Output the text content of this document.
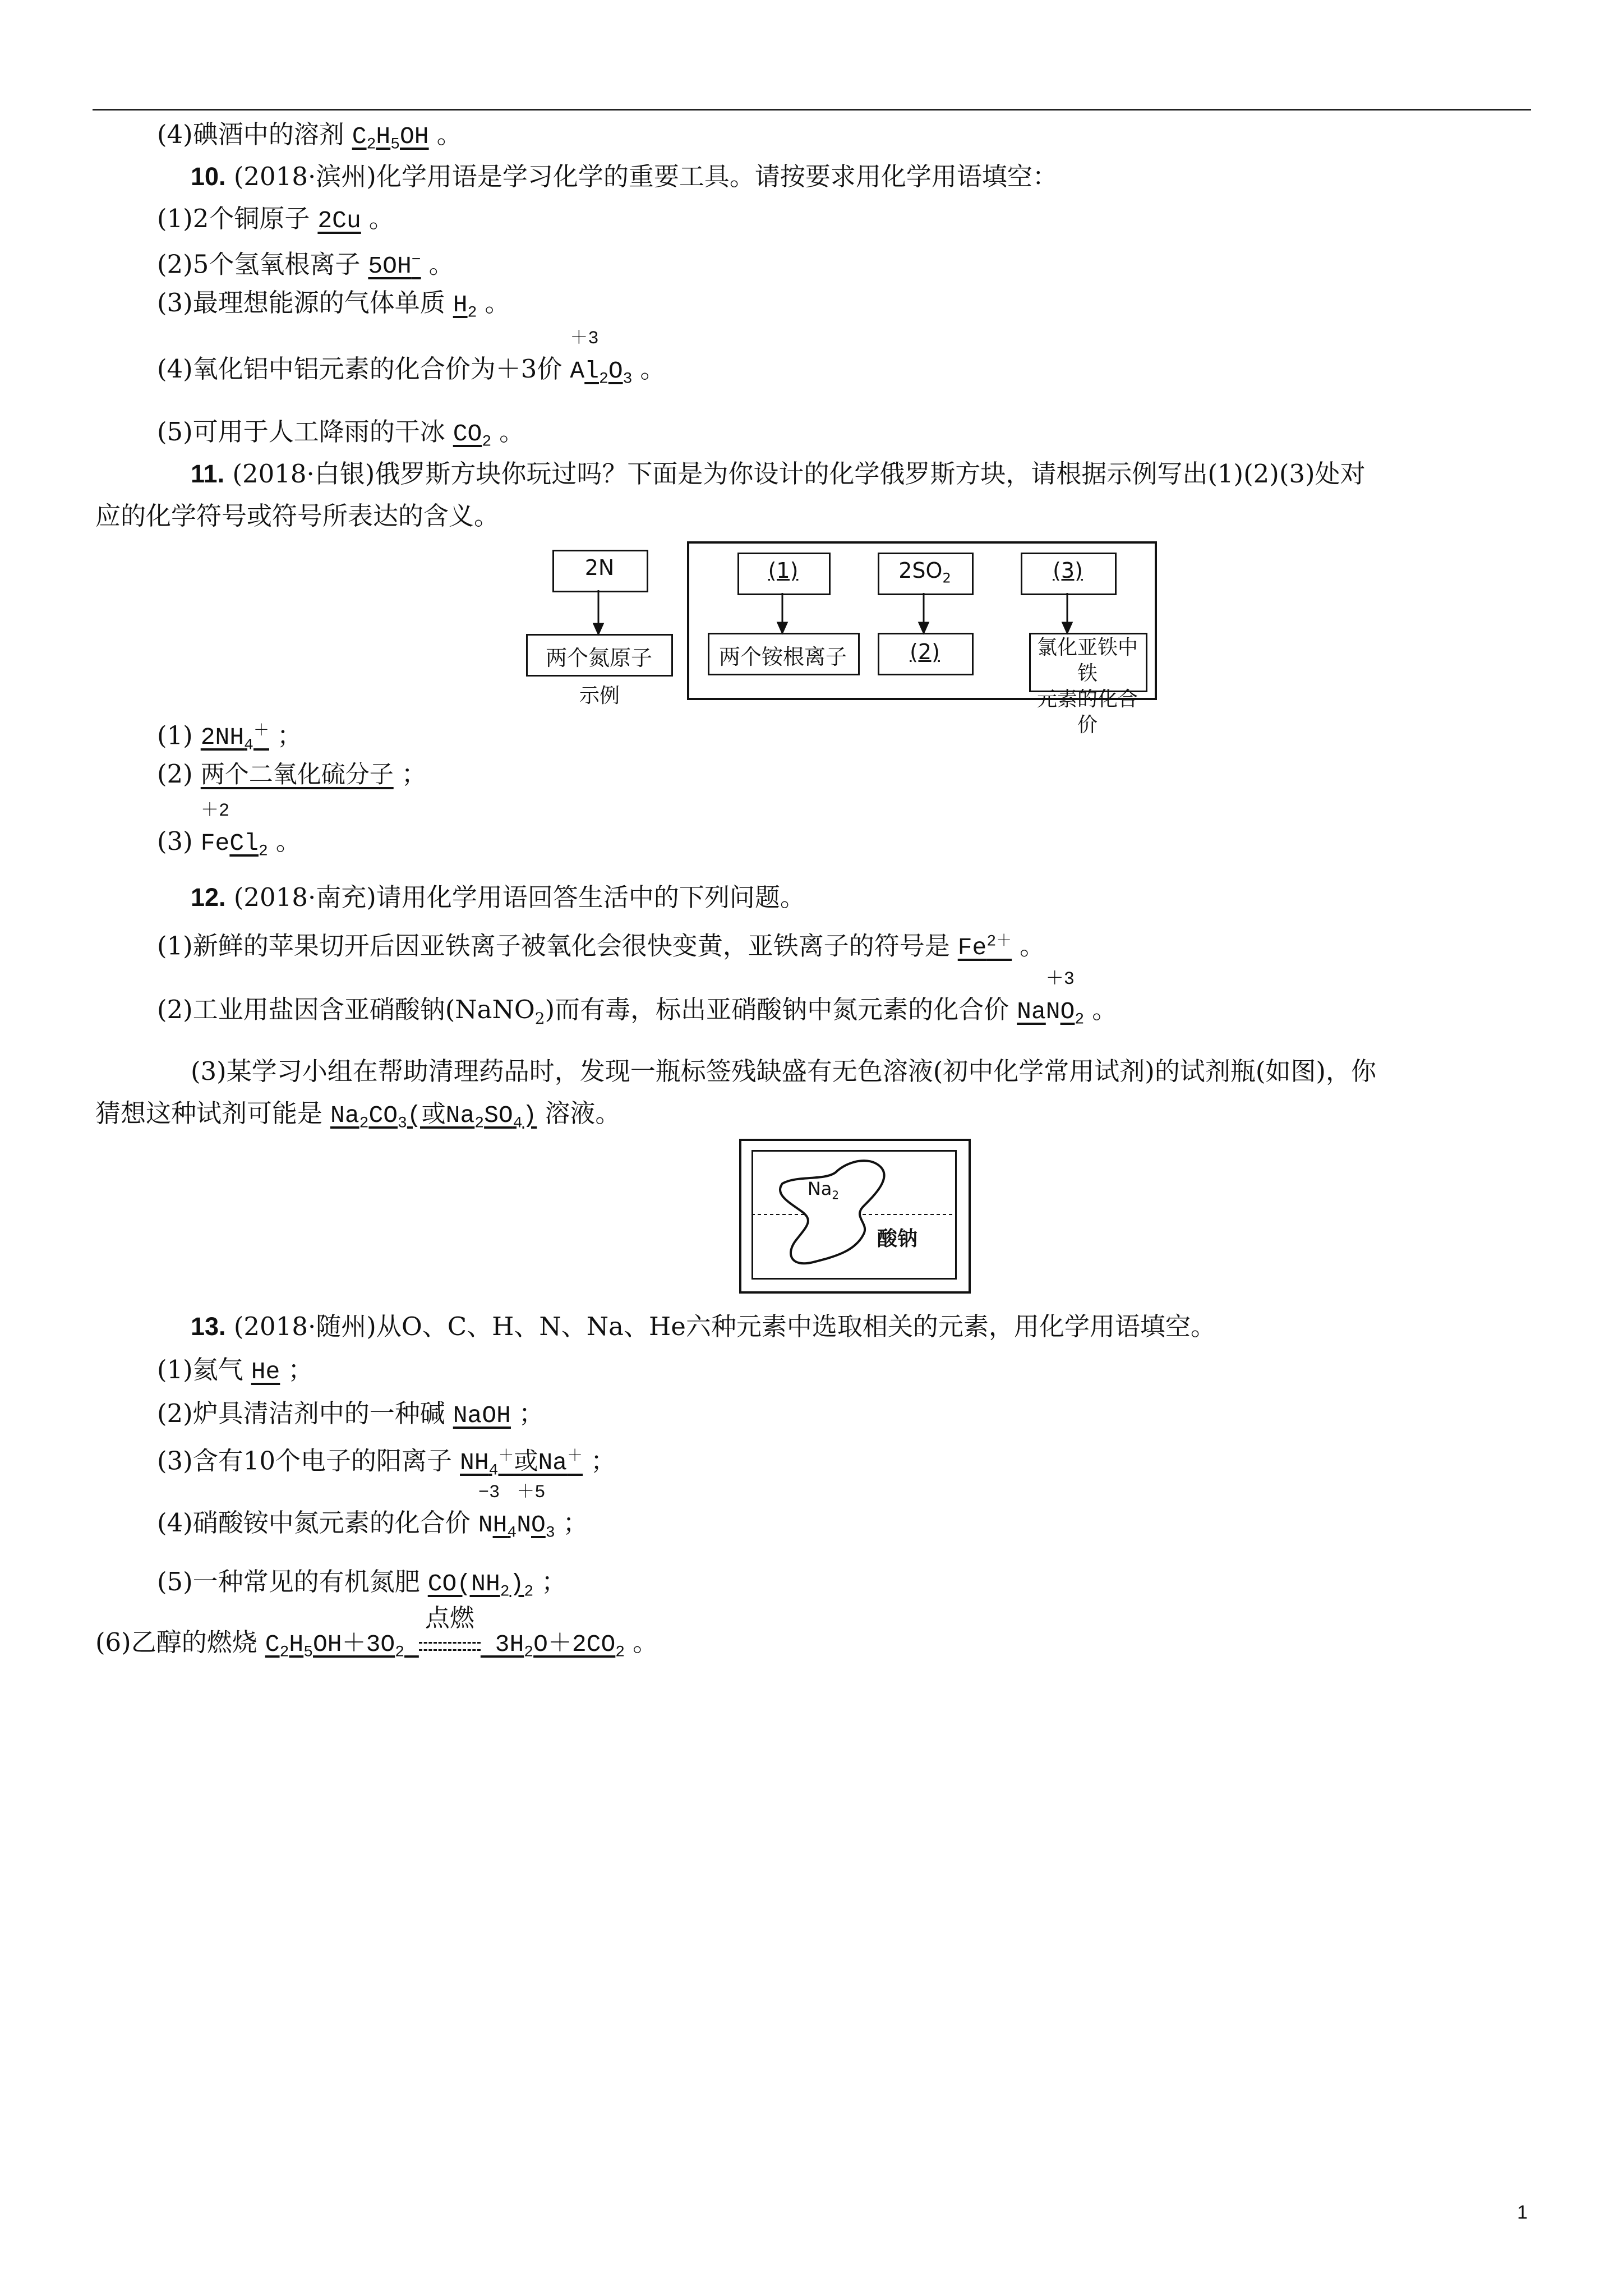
(4)碘酒中的溶剂 $C_2H_5OH$ 。
10. (2018·滨州)化学用语是学习化学的重要工具。请按要求用化学用语填空：
(1)2个铜原子 2Cu 。
(2)5个氢氧根离子 5OH− 。
(3)最理想能源的气体单质 $H_2$ 。
(4)氧化铝中铝元素的化合价为＋3价 A
＋3
$l_2O_3$ 。
(5)可用于人工降雨的干冰 $CO_2$ 。
11. (2018·白银)俄罗斯方块你玩过吗？下面是为你设计的化学俄罗斯方块，请根据示例写出(1)(2)(3)处对
应的化学符号或符号所表达的含义。
2N
两个氮原子
示例
(1)
两个铵根离子
$2SO_2$
(2)
(3)
氯化亚铁中铁
元素的化合价
(1) $2NH_4^+$ ；
(2) 两个二氧化硫分子 ；
(3) Fe
＋2
$Cl_2$ 。
12. (2018·南充)请用化学用语回答生活中的下列问题。
(1)新鲜的苹果切开后因亚铁离子被氧化会很快变黄，亚铁离子的符号是 $Fe^{2+}$ 。
(2)工业用盐因含亚硝酸钠(NaNO$_2$)而有毒，标出亚硝酸钠中氮元素的化合价 NaN
＋3
$O_2$ 。
(3)某学习小组在帮助清理药品时，发现一瓶标签残缺盛有无色溶液(初中化学常用试剂)的试剂瓶(如图)，你
猜想这种试剂可能是 $Na_2CO_3$(或$Na_2SO_4$) 溶液。
$Na_2$
酸钠
13. (2018·随州)从O、C、H、N、Na、He六种元素中选取相关的元素，用化学用语填空。
(1)氦气 He ；
(2)炉具清洁剂中的一种碱 NaOH ；
(3)含有10个电子的阳离子 $NH_4^+$或Na＋ ；
(4)硝酸铵中氮元素的化合价 N
−3
$H_4N$
＋5
$O_3$ ；
(5)一种常见的有机氮肥 $CO(NH_2)_2$ ；
(6)乙醇的燃烧 $C_2H_5OH+3O_2$
点燃
$3H_2O+2CO_2$ 。
1
